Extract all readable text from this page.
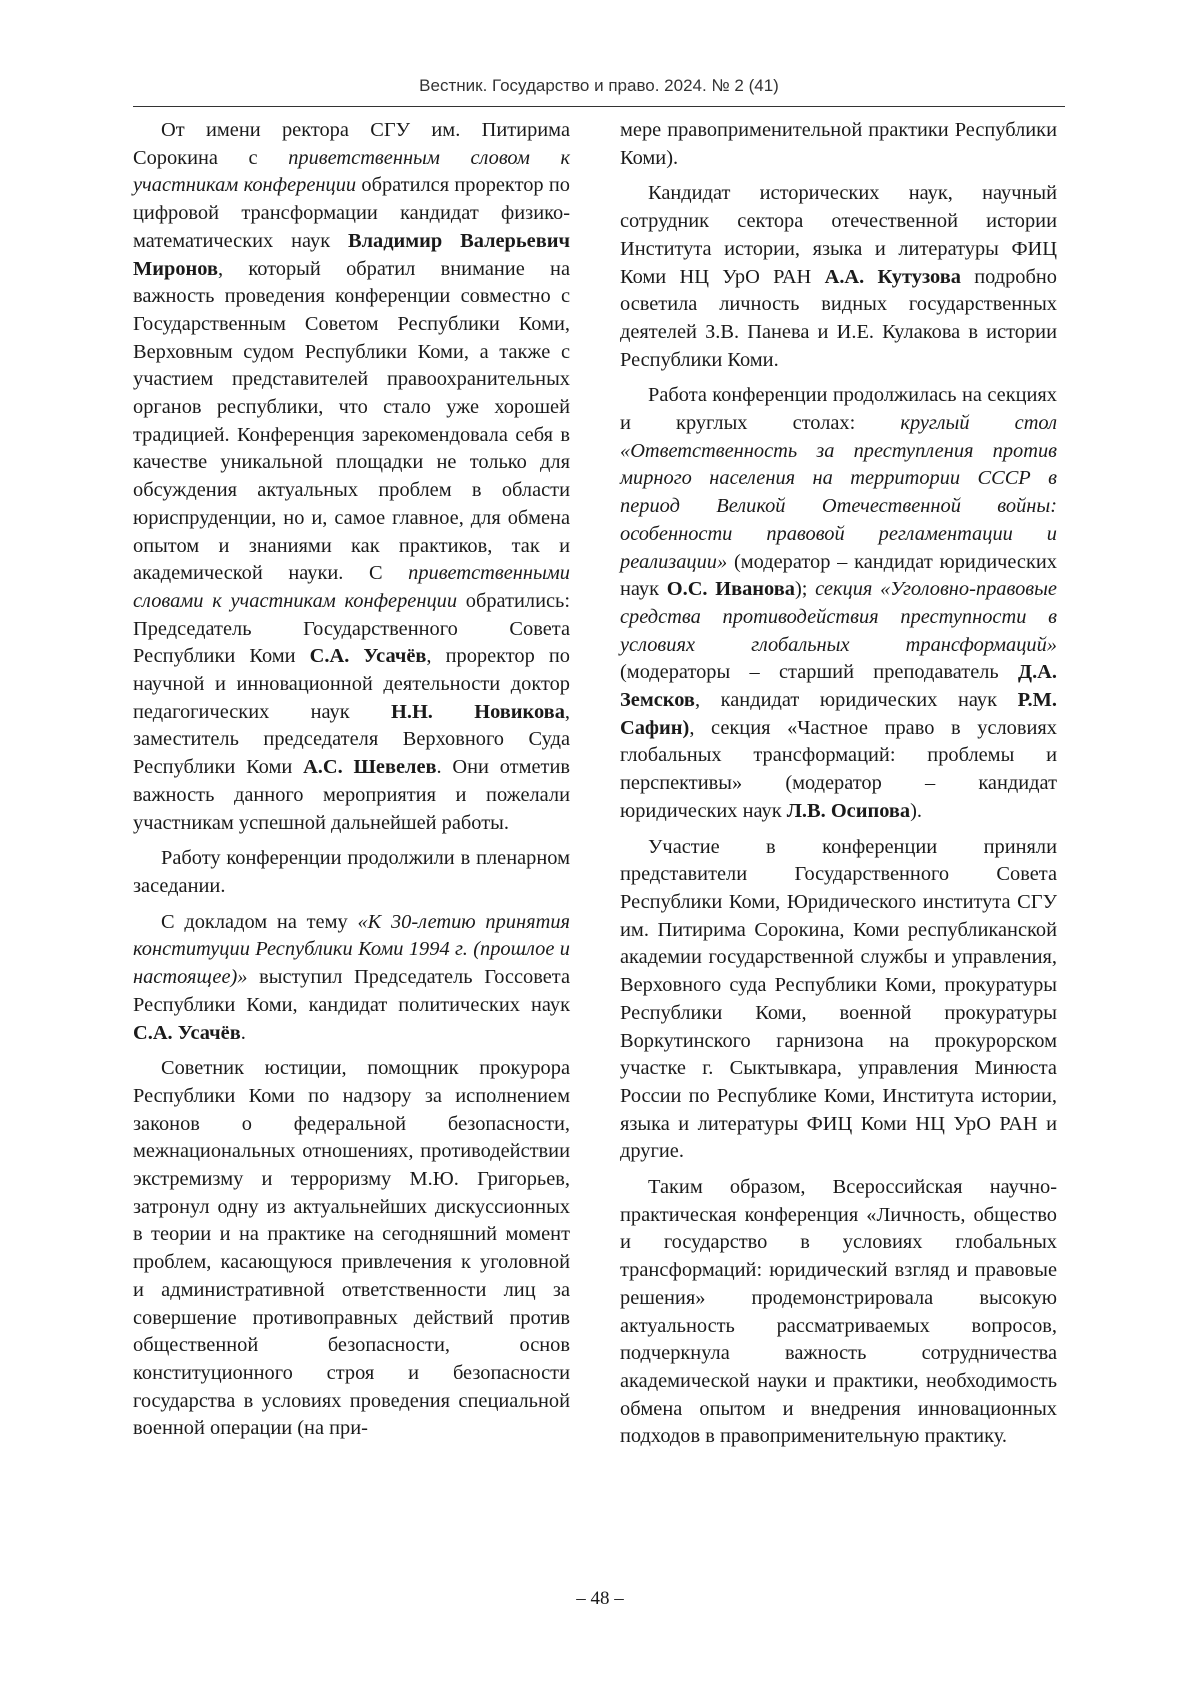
Вестник. Государство и право. 2024. № 2 (41)

От имени ректора СГУ им. Питирима Сорокина с приветственным словом к участникам конференции обратился проректор по цифровой трансформации кандидат физико-математических наук Владимир Валерьевич Миронов, который обратил внимание на важность проведения конференции совместно с Государственным Советом Республики Коми, Верховным судом Республики Коми, а также с участием представителей правоохранительных органов республики, что стало уже хорошей традицией. Конференция зарекомендовала себя в качестве уникальной площадки не только для обсуждения актуальных проблем в области юриспруденции, но и, самое главное, для обмена опытом и знаниями как практиков, так и академической науки. С приветственными словами к участникам конференции обратились: Председатель Государственного Совета Республики Коми С.А. Усачёв, проректор по научной и инновационной деятельности доктор педагогических наук Н.Н. Новикова, заместитель председателя Верховного Суда Республики Коми А.С. Шевелев. Они отметив важность данного мероприятия и пожелали участникам успешной дальнейшей работы.

Работу конференции продолжили в пленарном заседании.

С докладом на тему «К 30-летию принятия конституции Республики Коми 1994 г. (прошлое и настоящее)» выступил Председатель Госсовета Республики Коми, кандидат политических наук С.А. Усачёв.

Советник юстиции, помощник прокурора Республики Коми по надзору за исполнением законов о федеральной безопасности, межнациональных отношениях, противодействии экстремизму и терроризму М.Ю. Григорьев, затронул одну из актуальнейших дискуссионных в теории и на практике на сегодняшний момент проблем, касающуюся привлечения к уголовной и административной ответственности лиц за совершение противоправных действий против общественной безопасности, основ конституционного строя и безопасности государства в условиях проведения специальной военной операции (на при-

мере правоприменительной практики Республики Коми).

Кандидат исторических наук, научный сотрудник сектора отечественной истории Института истории, языка и литературы ФИЦ Коми НЦ УрО РАН А.А. Кутузова подробно осветила личность видных государственных деятелей З.В. Панева и И.Е. Кулакова в истории Республики Коми.

Работа конференции продолжилась на секциях и круглых столах: круглый стол «Ответственность за преступления против мирного населения на территории СССР в период Великой Отечественной войны: особенности правовой регламентации и реализации» (модератор – кандидат юридических наук О.С. Иванова); секция «Уголовно-правовые средства противодействия преступности в условиях глобальных трансформаций» (модераторы – старший преподаватель Д.А. Земсков, кандидат юридических наук Р.М. Сафин), секция «Частное право в условиях глобальных трансформаций: проблемы и перспективы» (модератор – кандидат юридических наук Л.В. Осипова).

Участие в конференции приняли представители Государственного Совета Республики Коми, Юридического института СГУ им. Питирима Сорокина, Коми республиканской академии государственной службы и управления, Верховного суда Республики Коми, прокуратуры Республики Коми, военной прокуратуры Воркутинского гарнизона на прокурорском участке г. Сыктывкара, управления Минюста России по Республике Коми, Института истории, языка и литературы ФИЦ Коми НЦ УрО РАН и другие.

Таким образом, Всероссийская научно-практическая конференция «Личность, общество и государство в условиях глобальных трансформаций: юридический взгляд и правовые решения» продемонстрировала высокую актуальность рассматриваемых вопросов, подчеркнула важность сотрудничества академической науки и практики, необходимость обмена опытом и внедрения инновационных подходов в правоприменительную практику.

– 48 –
